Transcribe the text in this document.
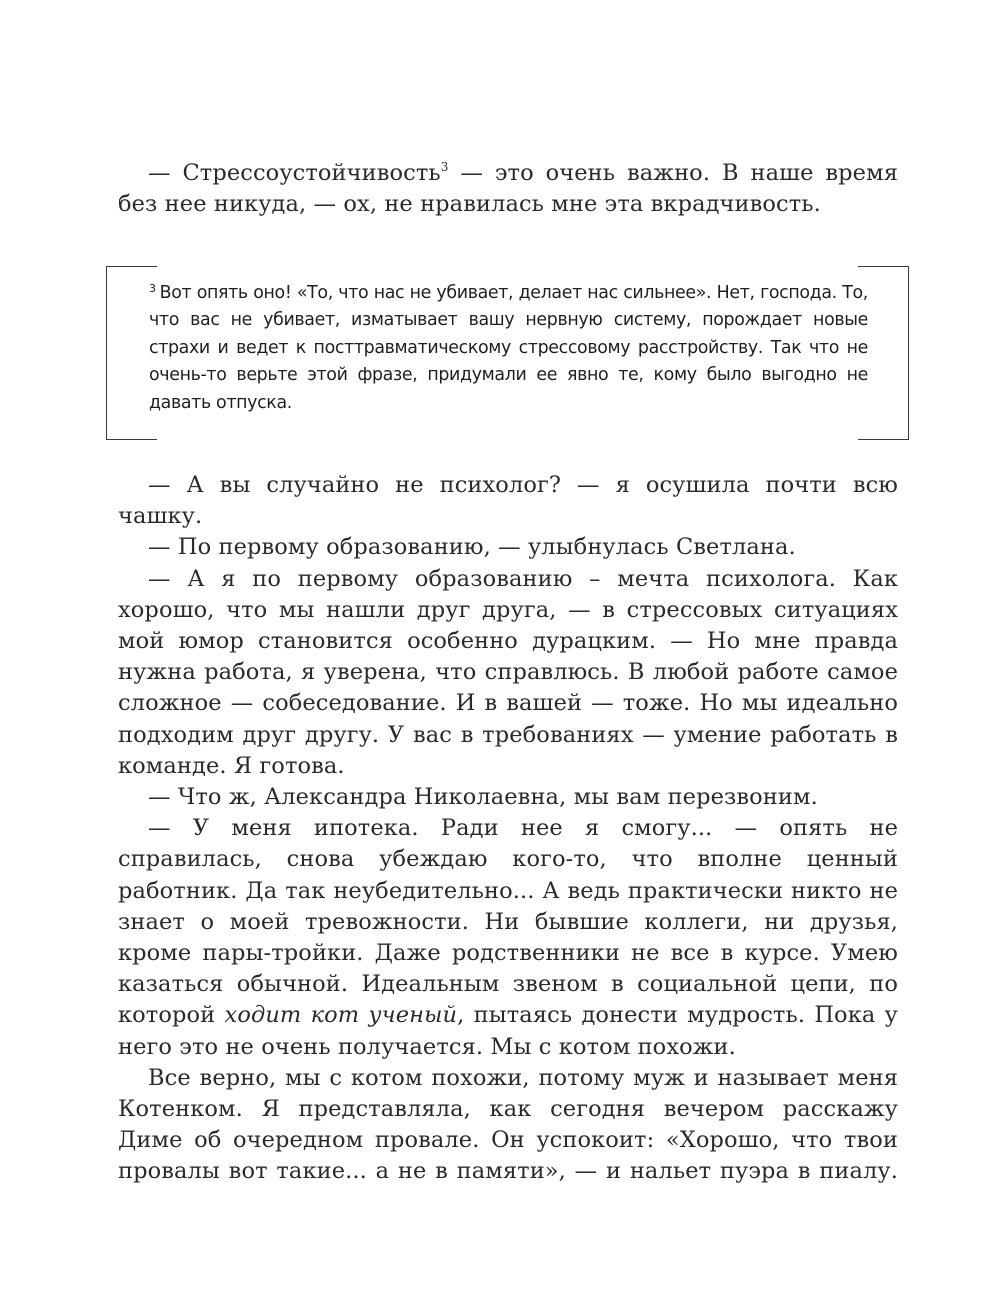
— Стрессоустойчивость$^3$ — это очень важно. В наше время без нее никуда, — ох, не нравилась мне эта вкрадчивость.

$^3$ Вот опять оно! «То, что нас не убивает, делает нас сильнее». Нет, господа. То, что вас не убивает, изматывает вашу нервную систему, порождает новые страхи и ведет к посттравматическому стрессовому расстройству. Так что не очень-то верьте этой фразе, придумали ее явно те, кому было выгодно не давать отпуска.

— А вы случайно не психолог? — я осушила почти всю чашку.

— По первому образованию, — улыбнулась Светлана.

— А я по первому образованию – мечта психолога. Как хорошо, что мы нашли друг друга, — в стрессовых ситуациях мой юмор становится особенно дурацким. — Но мне правда нужна работа, я уверена, что справлюсь. В любой работе самое сложное — собеседование. И в вашей — тоже. Но мы идеально подходим друг другу. У вас в требованиях — умение работать в команде. Я готова.

— Что ж, Александра Николаевна, мы вам перезвоним.

— У меня ипотека. Ради нее я смогу... — опять не справилась, снова убеждаю кого-то, что вполне ценный работник. Да так неубедительно... А ведь практически никто не знает о моей тревожности. Ни бывшие коллеги, ни друзья, кроме пары-тройки. Даже родственники не все в курсе. Умею казаться обычной. Идеальным звеном в социальной цепи, по которой ходит кот ученый, пытаясь донести мудрость. Пока у него это не очень получается. Мы с котом похожи.

Все верно, мы с котом похожи, потому муж и называет меня Котенком. Я представляла, как сегодня вечером расскажу Диме об очередном провале. Он успокоит: «Хорошо, что твои провалы вот такие... а не в памяти», — и нальет пуэра в пиалу.
